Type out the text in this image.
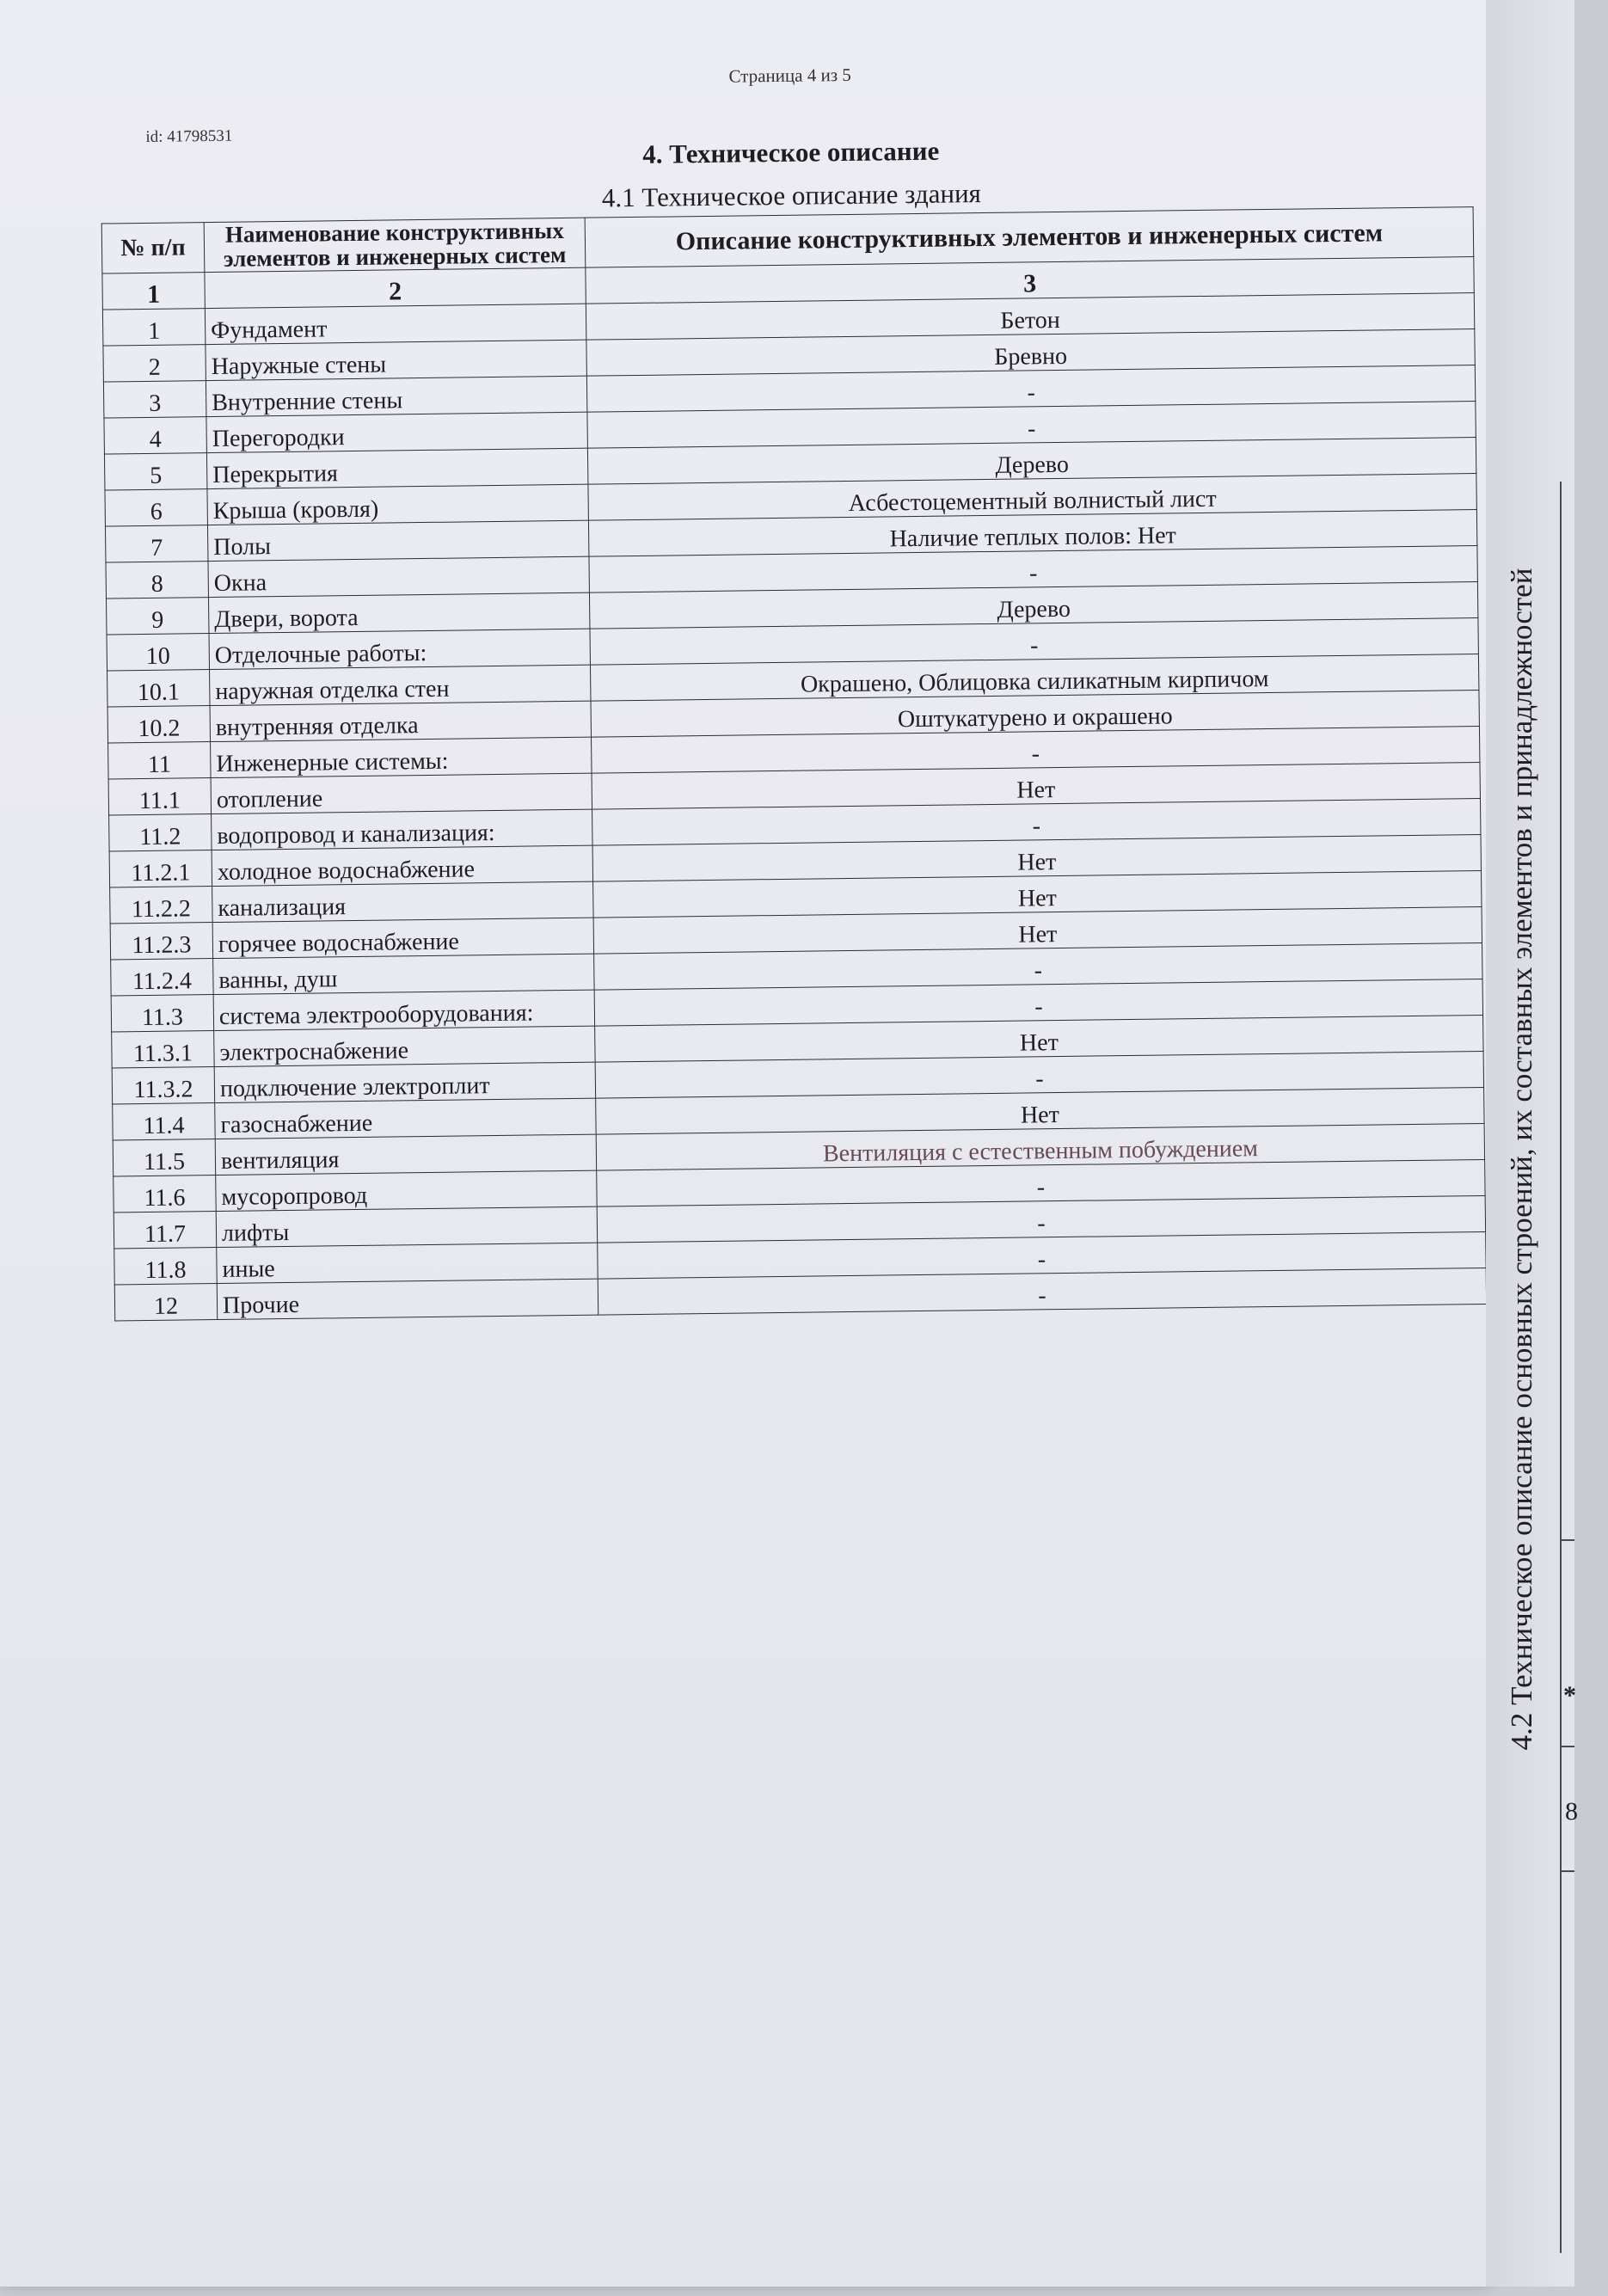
Страница 4 из 5
id: 41798531	4. Техническое описание
4.1 Техническое описание здания
№ п/п	Наименование конструктивных элементов и инженерных систем	Описание конструктивных элементов и инженерных систем
1	2	3
1	Фундамент	Бетон
2	Наружные стены	Бревно
3	Внутренние стены	-
4	Перегородки	-
5	Перекрытия	Дерево
6	Крыша (кровля)	Асбестоцементный волнистый лист
7	Полы	Наличие теплых полов: Нет
8	Окна	-
9	Двери, ворота	Дерево
10	Отделочные работы:	-
10.1	наружная отделка стен	Окрашено, Облицовка силикатным кирпичом
10.2	внутренняя отделка	Оштукатурено и окрашено
11	Инженерные системы:	-
11.1	отопление	Нет
11.2	водопровод и канализация:	-
11.2.1	холодное водоснабжение	Нет
11.2.2	канализация	Нет
11.2.3	горячее водоснабжение	Нет
11.2.4	ванны, душ	-
11.3	система электрооборудования:	-
11.3.1	электроснабжение	Нет
11.3.2	подключение электроплит	-
11.4	газоснабжение	Нет
11.5	вентиляция	Вентиляция с естественным побуждением
11.6	мусоропровод	-
11.7	лифты	-
11.8	иные	-
12	Прочие	-	4.2 Техническое описание основных строений, их составных элементов и принадлежностей *
8
